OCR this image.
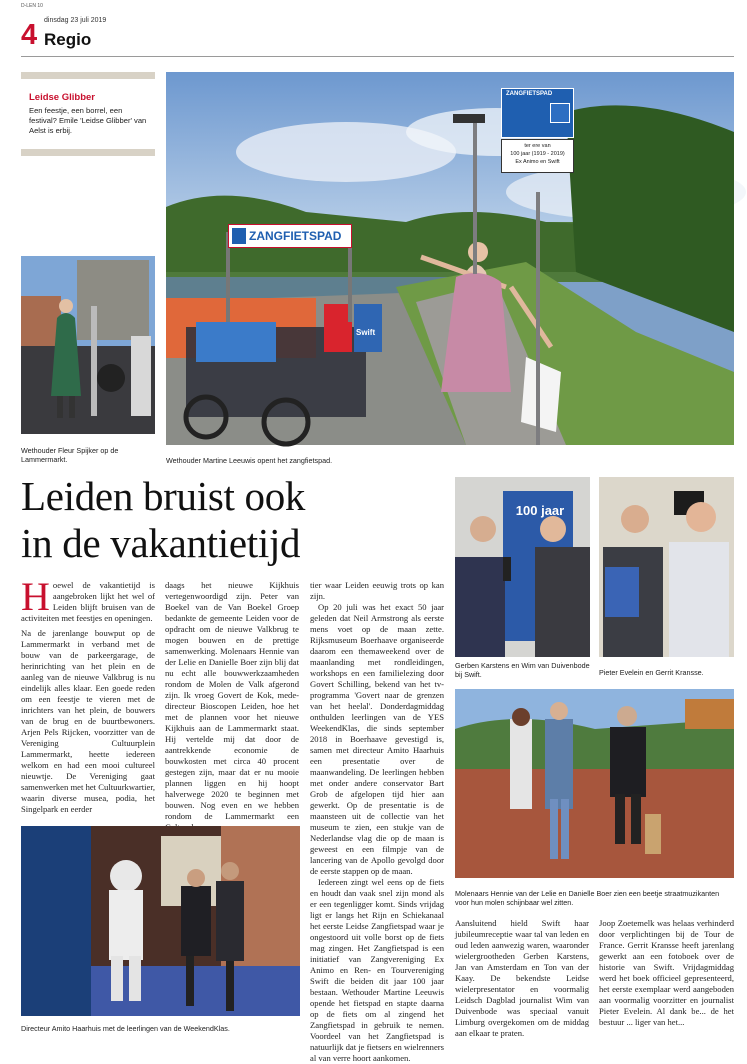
D-LEN 10
dinsdag 23 juli 2019
4 Regio
Leidse Glibber
Een feestje, een borrel, een festival? Emile 'Leidse Glibber' van Aelst is erbij.
ZANGFIETSPAD
ZANGFIETSPAD
ter ere van
100 jaar (1919 - 2019)
Ex Animo en Swift
Swift
Wethouder Martine Leeuwis opent het zangfietspad.
Wethouder Fleur Spijker op de Lammermarkt.
Leiden bruist ook
in de vakantietijd

Hoewel de vakantietijd is aangebroken lijkt het wel of Leiden blijft bruisen van de activiteiten met feestjes en openingen.

Na de jarenlange bouwput op de Lammermarkt in verband met de bouw van de parkeergarage, de herinrichting van het plein en de aanleg van de nieuwe Valkbrug is nu eindelijk alles klaar. Een goede reden om een feestje te vieren met de inrichters van het plein, de bouwers van de brug en de buurtbewoners. Arjen Pels Rijcken, voorzitter van de Vereniging Cultuurplein Lammermarkt, heette iedereen welkom en had een mooi cultureel nieuwtje. De Vereniging gaat samenwerken met het Cultuurkwartier, waarin diverse musea, podia, het Singelpark en eerder

daags het nieuwe Kijkhuis vertegenwoordigd zijn. Peter van Boekel van de Van Boekel Groep bedankte de gemeente Leiden voor de opdracht om de nieuwe Valkbrug te mogen bouwen en de prettige samenwerking. Molenaars Hennie van der Lelie en Danielle Boer zijn blij dat nu echt alle bouwwerkzaamheden rondom de Molen de Valk afgerond zijn. Ik vroeg Govert de Kok, mede-directeur Bioscopen Leiden, hoe het met de plannen voor het nieuwe Kijkhuis aan de Lammermarkt staat. Hij vertelde mij dat door de aantrekkende economie de bouwkosten met circa 40 procent gestegen zijn, maar dat er nu mooie plannen liggen en hij hoopt halverwege 2020 te beginnen met bouwen. Nog even en we hebben rondom de Lammermarkt een

tier waar Leiden eeuwig trots op kan zijn.

Op 20 juli was het exact 50 jaar geleden dat Neil Armstrong als eerste mens voet op de maan zette. Rijksmuseum Boerhaave organiseerde daarom een themaweekend over de maanlanding met rondleidingen, workshops en een familielezing door Govert Schilling, bekend van het tv-programma 'Govert naar de grenzen van het heelal'. Donderdagmiddag onthulden leerlingen van de YES WeekendKlas, die sinds september 2018 in Boerhaave gevestigd is, samen met directeur Amito Haarhuis een presentatie over de maanwandeling. De leerlingen hebben met onder andere conservator Bart Grob de afgelopen tijd hier aan gewerkt. Op de presentatie is de maansteen uit de collectie van het museum te zien, een stukje van de Nederlandse vlag die op de maan is geweest en een filmpje van de lancering van de Apollo gevolgd door de eerste stappen op de maan.

Iedereen zingt wel eens op de fiets en houdt dan vaak snel zijn mond als er een tegenligger komt. Sinds vrijdag ligt er langs het Rijn en Schiekanaal het eerste Leidse Zangfietspad waar je ongestoord uit volle borst op de fiets mag zingen. Het Zangfietspad is een initiatief van Zangvereniging Ex Animo en Ren- en Tourvereniging Swift die beiden dit jaar 100 jaar bestaan. Wethouder Martine Leeuwis opende het fietspad en stapte daarna op de fiets om al zingend het Zangfietspad in gebruik te nemen. Voordeel van het Zangfietspad is natuurlijk dat je fietsers en wielrenners al van verre hoort aankomen.

Aansluitend hield Swift haar jubileumreceptie waar tal van leden en oud leden aanwezig waren, waaronder wielergrootheden Gerben Karstens, Jan van Amsterdam en Ton van der Kaay. De bekendste Leidse wielerpresentator en voormalig Leidsch Dagblad journalist Wim van Duivenbode was speciaal vanuit Limburg overgekomen om de middag aan elkaar te praten.

Joop Zoetemelk was helaas verhinderd door verplichtingen bij de Tour de France. Gerrit Kransse heeft jarenlang gewerkt aan een fotoboek over de historie van Swift. Vrijdagmiddag werd het boek officieel gepresenteerd, het eerste exemplaar werd aangeboden aan voormalig voorzitter en journalist Pieter Evelein. Al dank be... de het bestuur ... liger van het...

Directeur Amito Haarhuis met de leerlingen van de WeekendKlas.
100 jaar
Gerben Karstens en Wim van Duivenbode bij Swift.	Pieter Evelein en Gerrit Kransse.
Molenaars Hennie van der Lelie en Danielle Boer zien een beetje straatmuzikanten voor hun molen schijnbaar wel zitten.
